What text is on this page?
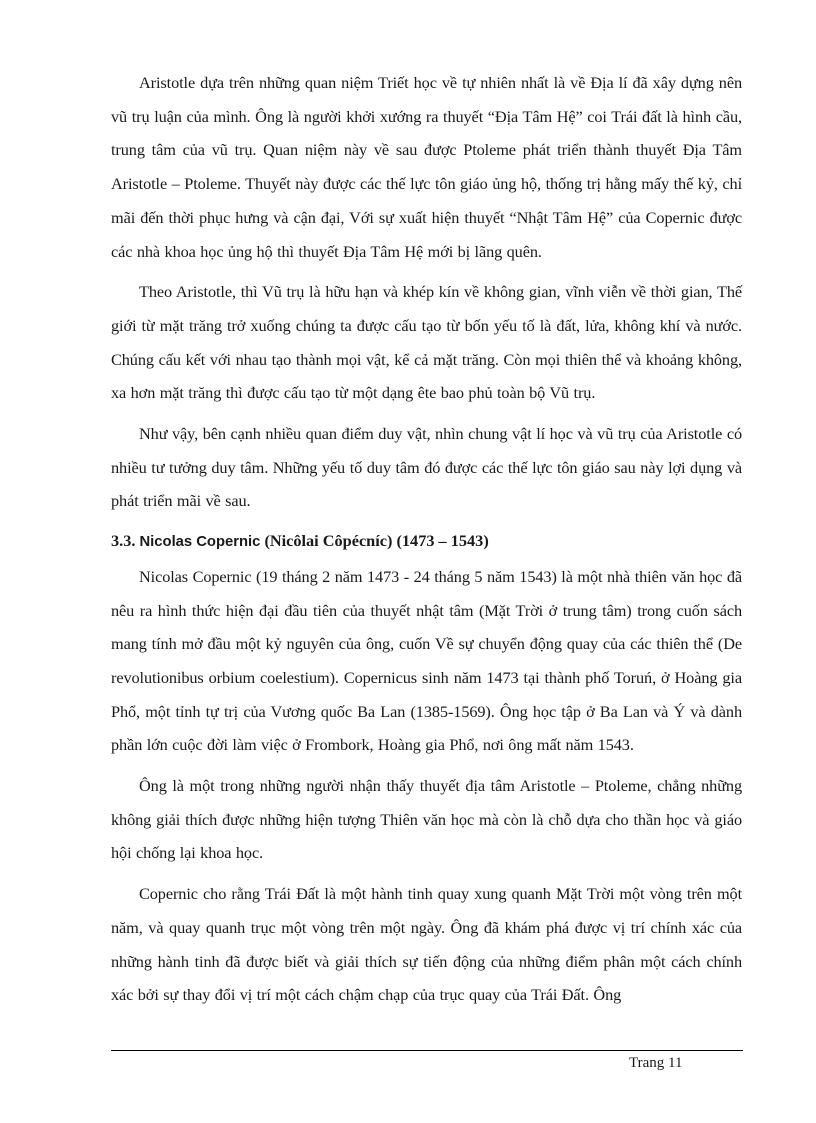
Aristotle dựa trên những quan niệm Triết học về tự nhiên nhất là về Địa lí đã xây dựng nên vũ trụ luận của mình. Ông là người khởi xướng ra thuyết “Địa Tâm Hệ” coi Trái đất là hình cầu, trung tâm của vũ trụ. Quan niệm này về sau được Ptoleme phát triển thành thuyết Địa Tâm Aristotle – Ptoleme. Thuyết này được các thế lực tôn giáo ủng hộ, thống trị hằng mấy thế kỷ, chỉ mãi đến thời phục hưng và cận đại, Với sự xuất hiện thuyết “Nhật Tâm Hệ” của Copernic được các nhà khoa học ủng hộ thì thuyết Địa Tâm Hệ mới bị lãng quên.

Theo Aristotle, thì Vũ trụ là hữu hạn và khép kín về không gian, vĩnh viễn về thời gian, Thế giới từ mặt trăng trở xuống chúng ta được cấu tạo từ bốn yếu tố là đất, lửa, không khí và nước. Chúng cấu kết với nhau tạo thành mọi vật, kể cả mặt trăng. Còn mọi thiên thể và khoảng không, xa hơn mặt trăng thì được cấu tạo từ một dạng ête bao phủ toàn bộ Vũ trụ.

Như vậy, bên cạnh nhiều quan điểm duy vật, nhìn chung vật lí học và vũ trụ của Aristotle có nhiều tư tưởng duy tâm. Những yếu tố duy tâm đó được các thế lực tôn giáo sau này lợi dụng và phát triển mãi về sau.

3.3. Nicolas Copernic (Nicôlai Côpécníc) (1473 – 1543)

Nicolas Copernic (19 tháng 2 năm 1473 - 24 tháng 5 năm 1543) là một nhà thiên văn học đã nêu ra hình thức hiện đại đầu tiên của thuyết nhật tâm (Mặt Trời ở trung tâm) trong cuốn sách mang tính mở đầu một kỷ nguyên của ông, cuốn Về sự chuyển động quay của các thiên thể (De revolutionibus orbium coelestium). Copernicus sinh năm 1473 tại thành phố Toruń, ở Hoàng gia Phổ, một tỉnh tự trị của Vương quốc Ba Lan (1385-1569). Ông học tập ở Ba Lan và Ý và dành phần lớn cuộc đời làm việc ở Frombork, Hoàng gia Phổ, nơi ông mất năm 1543.

Ông là một trong những người nhận thấy thuyết địa tâm Aristotle – Ptoleme, chẳng những không giải thích được những hiện tượng Thiên văn học mà còn là chỗ dựa cho thần học và giáo hội chống lại khoa học.

Copernic cho rằng Trái Đất là một hành tinh quay xung quanh Mặt Trời một vòng trên một năm, và quay quanh trục một vòng trên một ngày. Ông đã khám phá được vị trí chính xác của những hành tinh đã được biết và giải thích sự tiến động của những điểm phân một cách chính xác bởi sự thay đổi vị trí một cách chậm chạp của trục quay của Trái Đất. Ông

Trang 11
